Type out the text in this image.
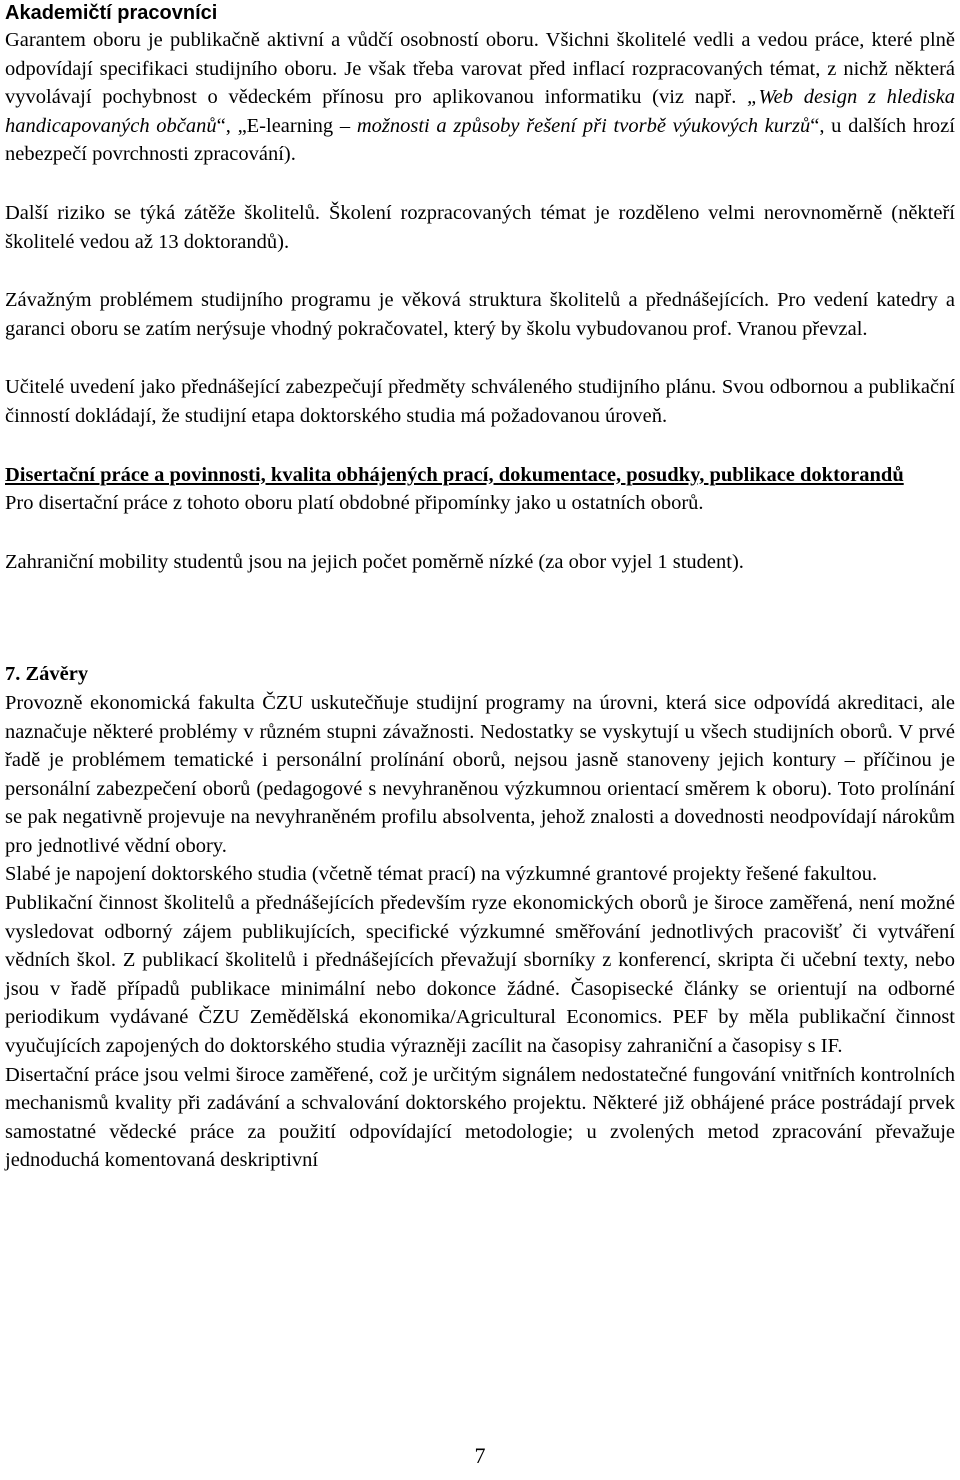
Akademičtí pracovníci

Garantem oboru je publikačně aktivní a vůdčí osobností oboru. Všichni školitelé vedli a vedou práce, které plně odpovídají specifikaci studijního oboru. Je však třeba varovat před inflací rozpracovaných témat, z nichž některá vyvolávají pochybnost o vědeckém přínosu pro aplikovanou informatiku (viz např. „Web design z hlediska handicapovaných občanů“, „E-learning – možnosti a způsoby řešení při tvorbě výukových kurzů“, u dalších hrozí nebezpečí povrchnosti zpracování).

Další riziko se týká zátěže školitelů. Školení rozpracovaných témat je rozděleno velmi nerovnoměrně (někteří školitelé vedou až 13 doktorandů).

Závažným problémem studijního programu je věková struktura školitelů a přednášejících. Pro vedení katedry a garanci oboru se zatím nerýsuje vhodný pokračovatel, který by školu vybudovanou prof. Vranou převzal.

Učitelé uvedení jako přednášející zabezpečují předměty schváleného studijního plánu. Svou odbornou a publikační činností dokládají, že studijní etapa doktorského studia má požadovanou úroveň.

Disertační práce a povinnosti, kvalita obhájených prací, dokumentace, posudky, publikace doktorandů

Pro disertační práce z tohoto oboru platí obdobné připomínky jako u ostatních oborů.

Zahraniční mobility studentů jsou na jejich počet poměrně nízké (za obor vyjel 1 student).

7. Závěry

Provozně ekonomická fakulta ČZU uskutečňuje studijní programy na úrovni, která sice odpovídá akreditaci, ale naznačuje některé problémy v různém stupni závažnosti. Nedostatky se vyskytují u všech studijních oborů. V prvé řadě je problémem tematické i personální prolínání oborů, nejsou jasně stanoveny jejich kontury – příčinou je personální zabezpečení oborů (pedagogové s nevyhraněnou výzkumnou orientací směrem k oboru). Toto prolínání se pak negativně projevuje na nevyhraněném profilu absolventa, jehož znalosti a dovednosti neodpovídají nárokům pro jednotlivé vědní obory.

Slabé je napojení doktorského studia (včetně témat prací) na výzkumné grantové projekty řešené fakultou.

Publikační činnost školitelů a přednášejících především ryze ekonomických oborů je široce zaměřená, není možné vysledovat odborný zájem publikujících, specifické výzkumné směřování jednotlivých pracovišť či vytváření vědních škol. Z publikací školitelů i přednášejících převažují sborníky z konferencí, skripta či učební texty, nebo jsou v řadě případů publikace minimální nebo dokonce žádné. Časopisecké články se orientují na odborné periodikum vydávané ČZU Zemědělská ekonomika/Agricultural Economics. PEF by měla publikační činnost vyučujících zapojených do doktorského studia výrazněji zacílit na časopisy zahraniční a časopisy s IF.

Disertační práce jsou velmi široce zaměřené, což je určitým signálem nedostatečné fungování vnitřních kontrolních mechanismů kvality při zadávání a schvalování doktorského projektu. Některé již obhájené práce postrádají prvek samostatné vědecké práce za použití odpovídající metodologie; u zvolených metod zpracování převažuje jednoduchá komentovaná deskriptivní

7
